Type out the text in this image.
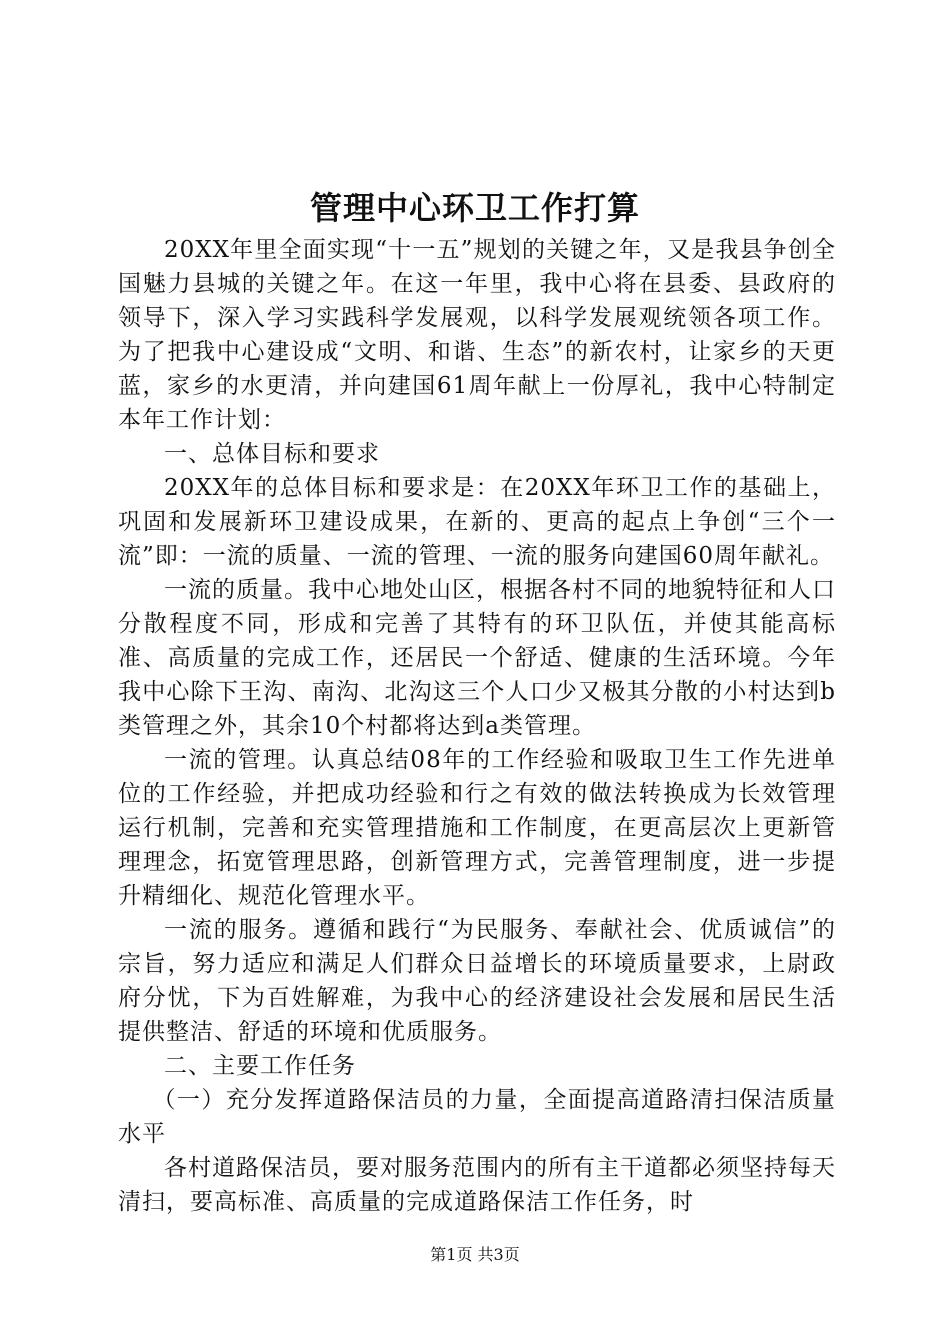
管理中心环卫工作打算

20XX年里全面实现“十一五”规划的关键之年，又是我县争创全国魅力县城的关键之年。在这一年里，我中心将在县委、县政府的领导下，深入学习实践科学发展观，以科学发展观统领各项工作。为了把我中心建设成“文明、和谐、生态”的新农村，让家乡的天更蓝，家乡的水更清，并向建国61周年献上一份厚礼，我中心特制定本年工作计划：

一、总体目标和要求

20XX年的总体目标和要求是：在20XX年环卫工作的基础上，巩固和发展新环卫建设成果，在新的、更高的起点上争创“三个一流”即：一流的质量、一流的管理、一流的服务向建国60周年献礼。

一流的质量。我中心地处山区，根据各村不同的地貌特征和人口分散程度不同，形成和完善了其特有的环卫队伍，并使其能高标准、高质量的完成工作，还居民一个舒适、健康的生活环境。今年我中心除下王沟、南沟、北沟这三个人口少又极其分散的小村达到b类管理之外，其余10个村都将达到a类管理。

一流的管理。认真总结08年的工作经验和吸取卫生工作先进单位的工作经验，并把成功经验和行之有效的做法转换成为长效管理运行机制，完善和充实管理措施和工作制度，在更高层次上更新管理理念，拓宽管理思路，创新管理方式，完善管理制度，进一步提升精细化、规范化管理水平。

一流的服务。遵循和践行“为民服务、奉献社会、优质诚信”的宗旨，努力适应和满足人们群众日益增长的环境质量要求，上尉政府分忧，下为百姓解难，为我中心的经济建设社会发展和居民生活提供整洁、舒适的环境和优质服务。

二、主要工作任务

（一）充分发挥道路保洁员的力量，全面提高道路清扫保洁质量水平

各村道路保洁员，要对服务范围内的所有主干道都必须坚持每天清扫，要高标准、高质量的完成道路保洁工作任务，时

第1页 共3页
